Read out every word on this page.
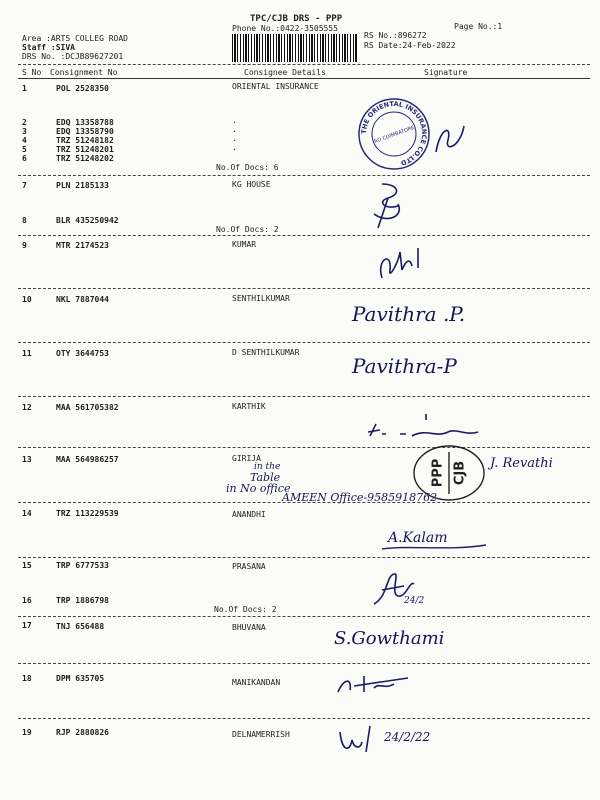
TPC/CJB DRS - PPP
Phone No.:0422-3505555
RS No.:896272
RS Date:24-Feb-2022
Page No.:1
Area :ARTS COLLEG ROAD
Staff :SIVA
DRS No. :DCJB89627201
S No Consignment No	Consignee Details	Signature
1	POL 2528350	ORIENTAL INSURANCE
2	EDQ 13358788	.
3	EDQ 13358790	.
4	TRZ 51248182	.
5	TRZ 51248201	.
6	TRZ 51248202
No.Of Docs: 6
7	PLN 2185133	KG HOUSE
8	BLR 435250942
No.Of Docs: 2
9	MTR 2174523	KUMAR
10	NKL 7887044	SENTHILKUMAR
11	OTY 3644753	D SENTHILKUMAR
12	MAA 561705382	KARTHIK
13	MAA 564986257	GIRIJA
14	TRZ 113229539	ANANDHI
15	TRP 6777533	PRASANA
16	TRP 1886798
No.Of Docs: 2
17	TNJ 656488	BHUVANA
18	DPM 635705	MANIKANDAN
19	RJP 2880826	DELNAMERRISH
THE ORIENTAL INSURANCE CO.LTD
RO COIMBATORE
Pavithra .P.
Pavithra-P
PPP CJB J. Revathi
in the
Table
in No office
AMEEN Office-9585918762
A.Kalam
24/2
S.Gowthami
24/2/22
